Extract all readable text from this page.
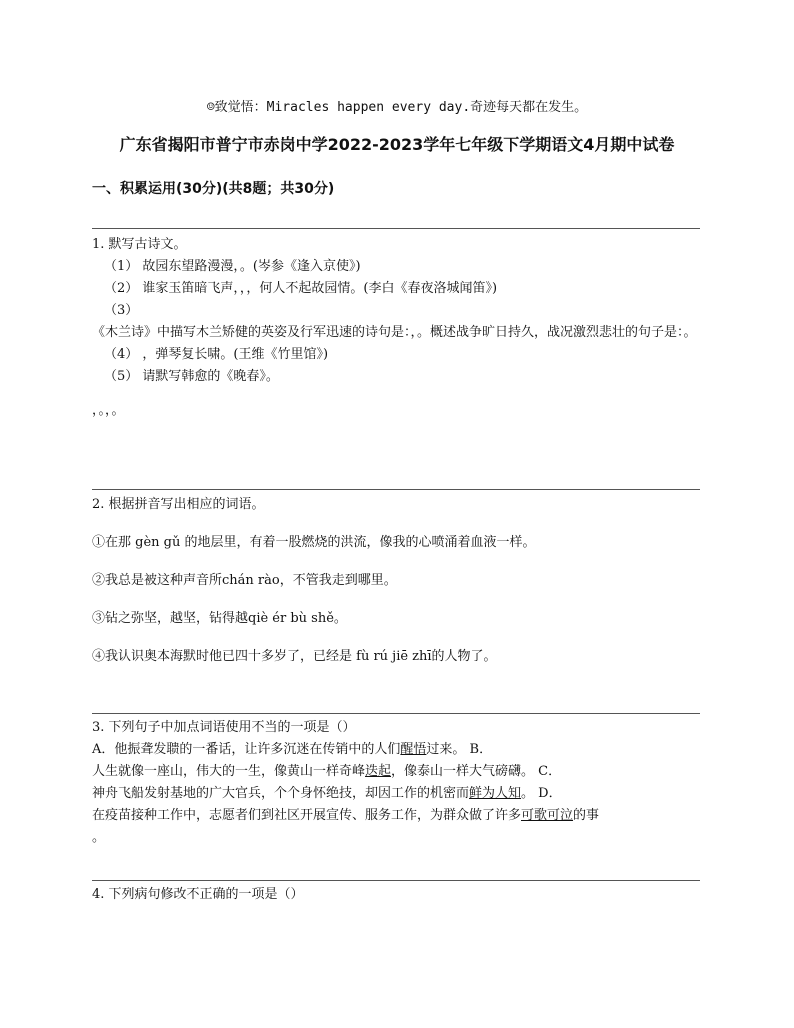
☺致觉悟：Miracles happen every day.奇迹每天都在发生。
广东省揭阳市普宁市赤岗中学2022-2023学年七年级下学期语文4月期中试卷
一、积累运用(30分)(共8题；共30分)

1. 默写古诗文。

（1） 故园东望路漫漫，。(岑参《逢入京使》)

（2） 谁家玉笛暗飞声，，，何人不起故园情。(李白《春夜洛城闻笛》)

（3）

《木兰诗》中描写木兰矫健的英姿及行军迅速的诗句是：，。概述战争旷日持久，战况激烈悲壮的句子是：。

（4） ，弹琴复长啸。(王维《竹里馆》)

（5） 请默写韩愈的《晚春》。

，。，。

2. 根据拼音写出相应的词语。

①在那 gèn gǔ 的地层里，有着一股燃烧的洪流，像我的心喷涌着血液一样。

②我总是被这种声音所chán rào，不管我走到哪里。

③钻之弥坚，越坚，钻得越qiè ér bù shě。

④我认识奥本海默时他已四十多岁了，已经是 fù rú jiē zhī的人物了。

3. 下列句子中加点词语使用不当的一项是（）

A．他振聋发聩的一番话，让许多沉迷在传销中的人们醒悟过来。 B．

人生就像一座山，伟大的一生，像黄山一样奇峰迭起，像泰山一样大气磅礴。 C．

神舟飞船发射基地的广大官兵，个个身怀绝技，却因工作的机密而鲜为人知。 D．

在疫苗接种工作中，志愿者们到社区开展宣传、服务工作，为群众做了许多可歌可泣的事

。

4. 下列病句修改不正确的一项是（）
